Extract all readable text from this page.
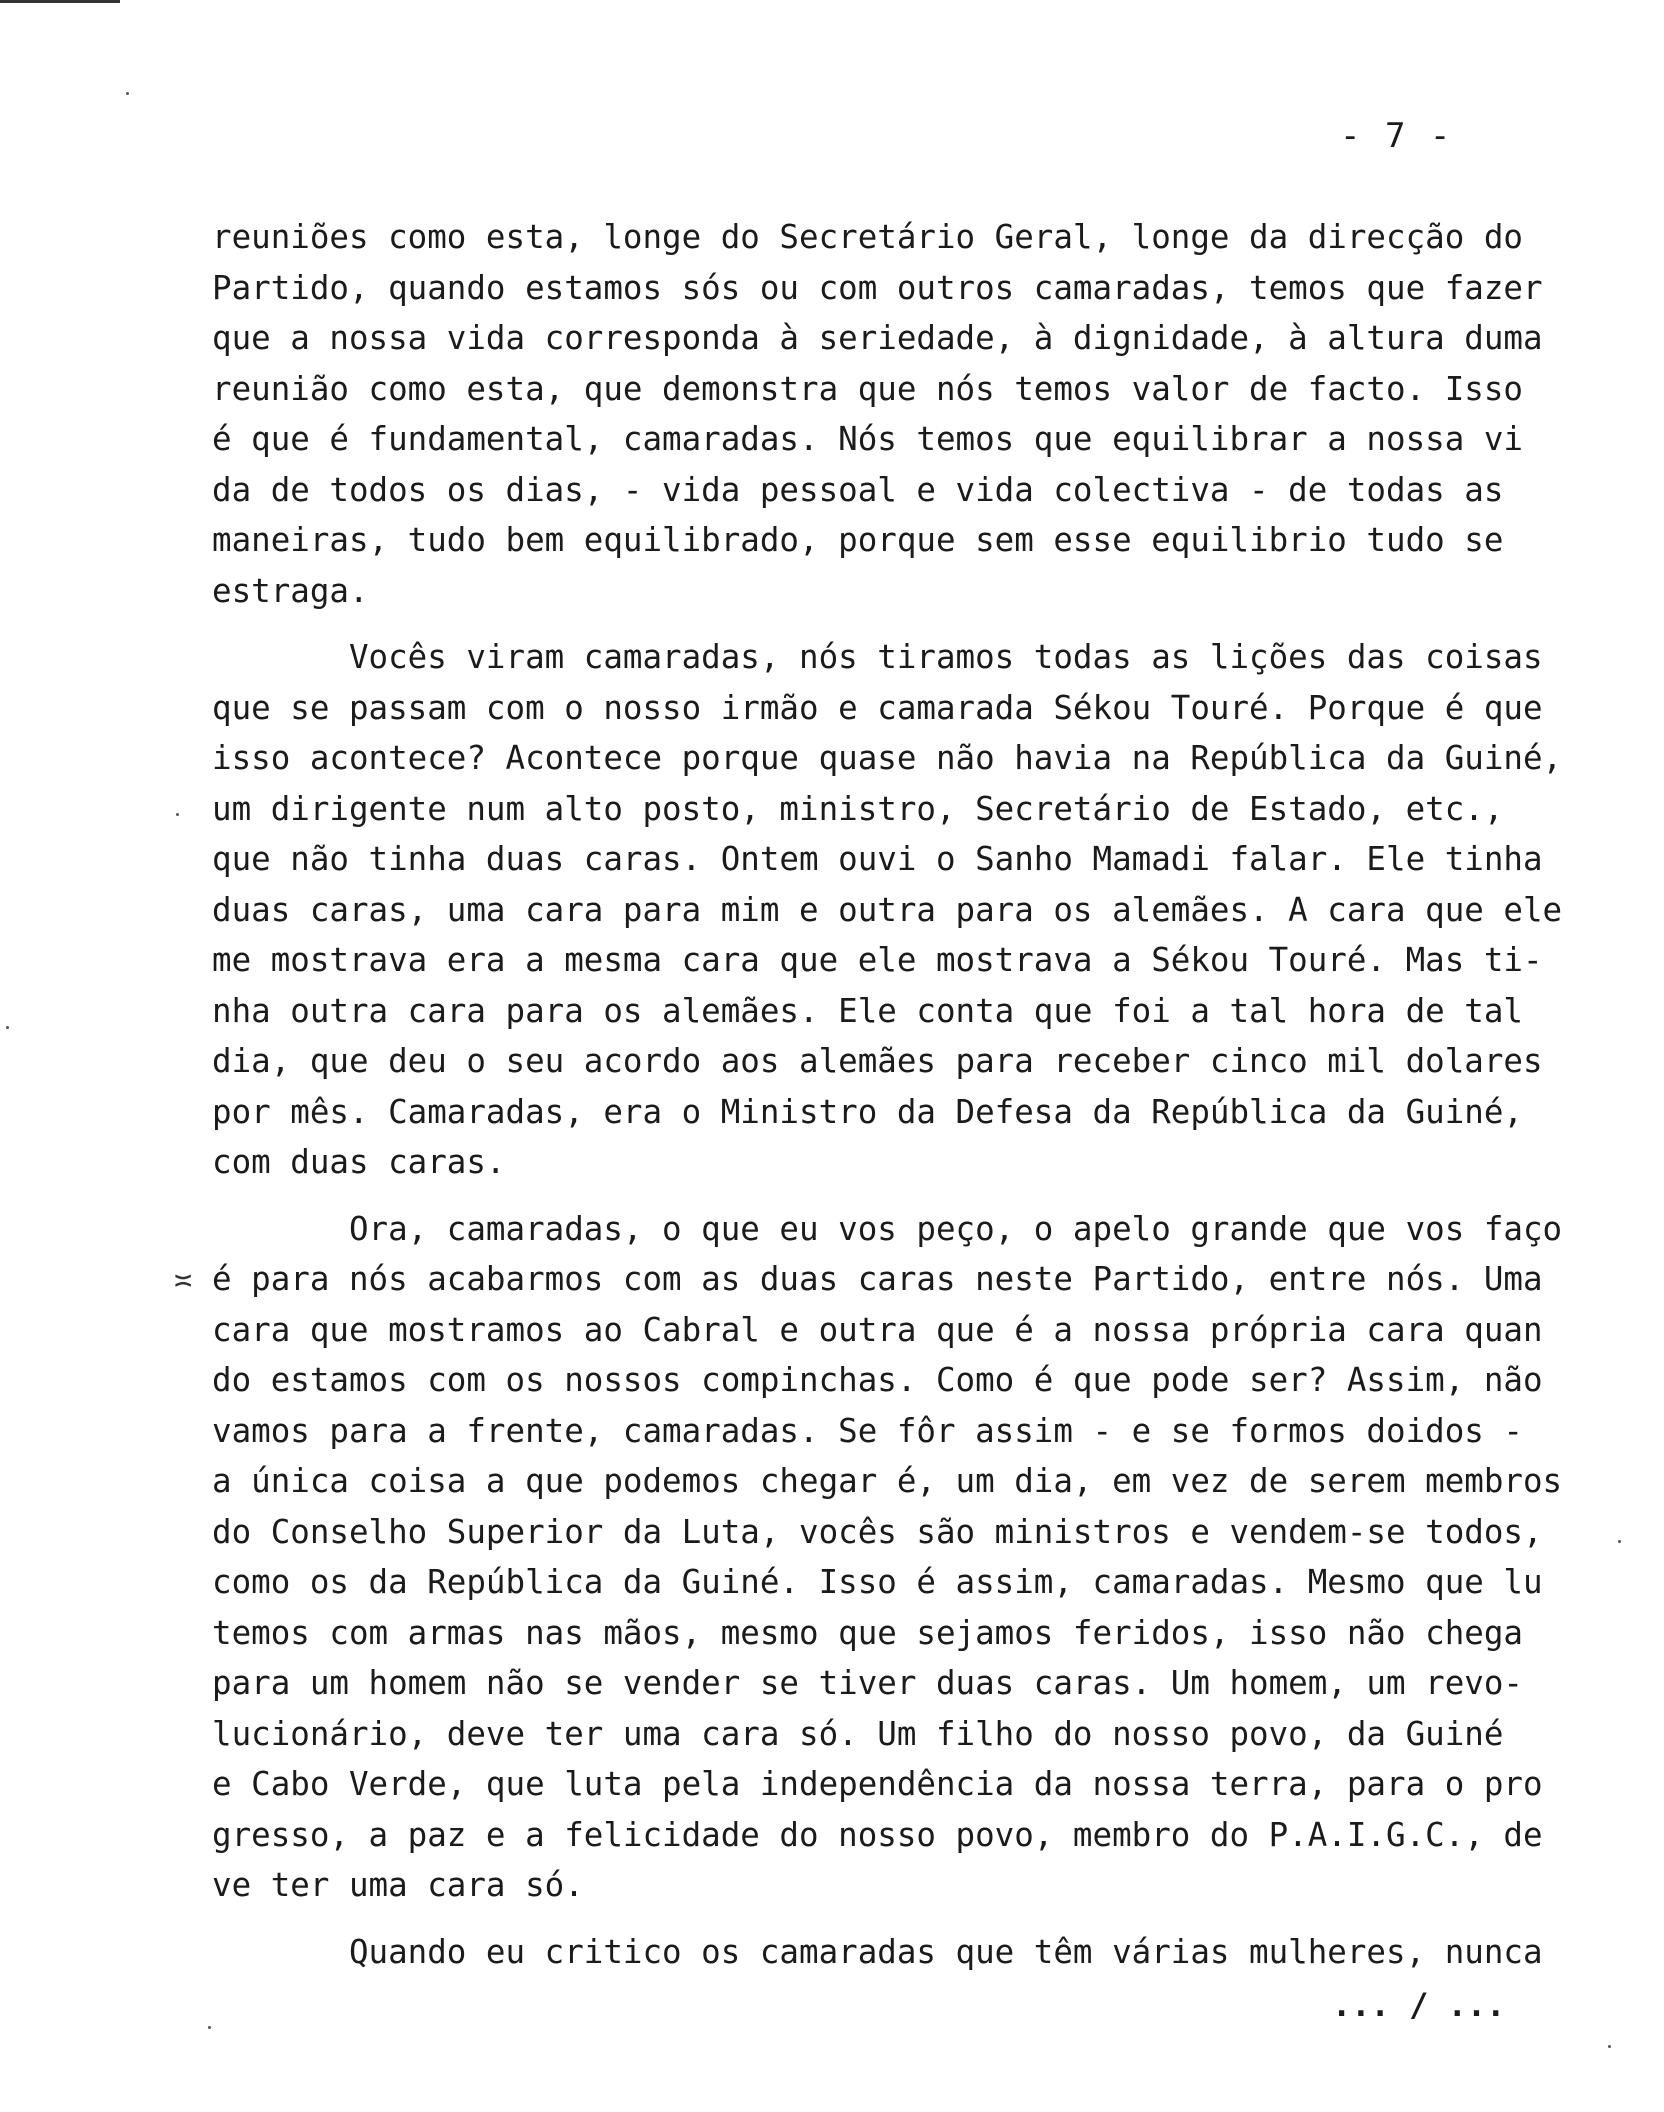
- 7 -
reuniões como esta, longe do Secretário Geral, longe da direcção do
Partido, quando estamos sós ou com outros camaradas, temos que fazer
que a nossa vida corresponda à seriedade, à dignidade, à altura duma
reunião como esta, que demonstra que nós temos valor de facto. Isso
é que é fundamental, camaradas. Nós temos que equilibrar a nossa vi
da de todos os dias, - vida pessoal e vida colectiva - de todas as
maneiras, tudo bem equilibrado, porque sem esse equilibrio tudo se
estraga.
Vocês viram camaradas, nós tiramos todas as lições das coisas
que se passam com o nosso irmão e camarada Sékou Touré. Porque é que
isso acontece? Acontece porque quase não havia na República da Guiné,
um dirigente num alto posto, ministro, Secretário de Estado, etc.,
que não tinha duas caras. Ontem ouvi o Sanho Mamadi falar. Ele tinha
duas caras, uma cara para mim e outra para os alemães. A cara que ele
me mostrava era a mesma cara que ele mostrava a Sékou Touré. Mas ti-
nha outra cara para os alemães. Ele conta que foi a tal hora de tal
dia, que deu o seu acordo aos alemães para receber cinco mil dolares
por mês. Camaradas, era o Ministro da Defesa da República da Guiné,
com duas caras.
Ora, camaradas, o que eu vos peço, o apelo grande que vos faço
é para nós acabarmos com as duas caras neste Partido, entre nós. Uma
cara que mostramos ao Cabral e outra que é a nossa própria cara quan
do estamos com os nossos compinchas. Como é que pode ser? Assim, não
vamos para a frente, camaradas. Se fôr assim - e se formos doidos -
a única coisa a que podemos chegar é, um dia, em vez de serem membros
do Conselho Superior da Luta, vocês são ministros e vendem-se todos,
como os da República da Guiné. Isso é assim, camaradas. Mesmo que lu
temos com armas nas mãos, mesmo que sejamos feridos, isso não chega
para um homem não se vender se tiver duas caras. Um homem, um revo-
lucionário, deve ter uma cara só. Um filho do nosso povo, da Guiné
e Cabo Verde, que luta pela independência da nossa terra, para o pro
gresso, a paz e a felicidade do nosso povo, membro do P.A.I.G.C., de
ve ter uma cara só.
Quando eu critico os camaradas que têm várias mulheres, nunca
≍
... / ...
